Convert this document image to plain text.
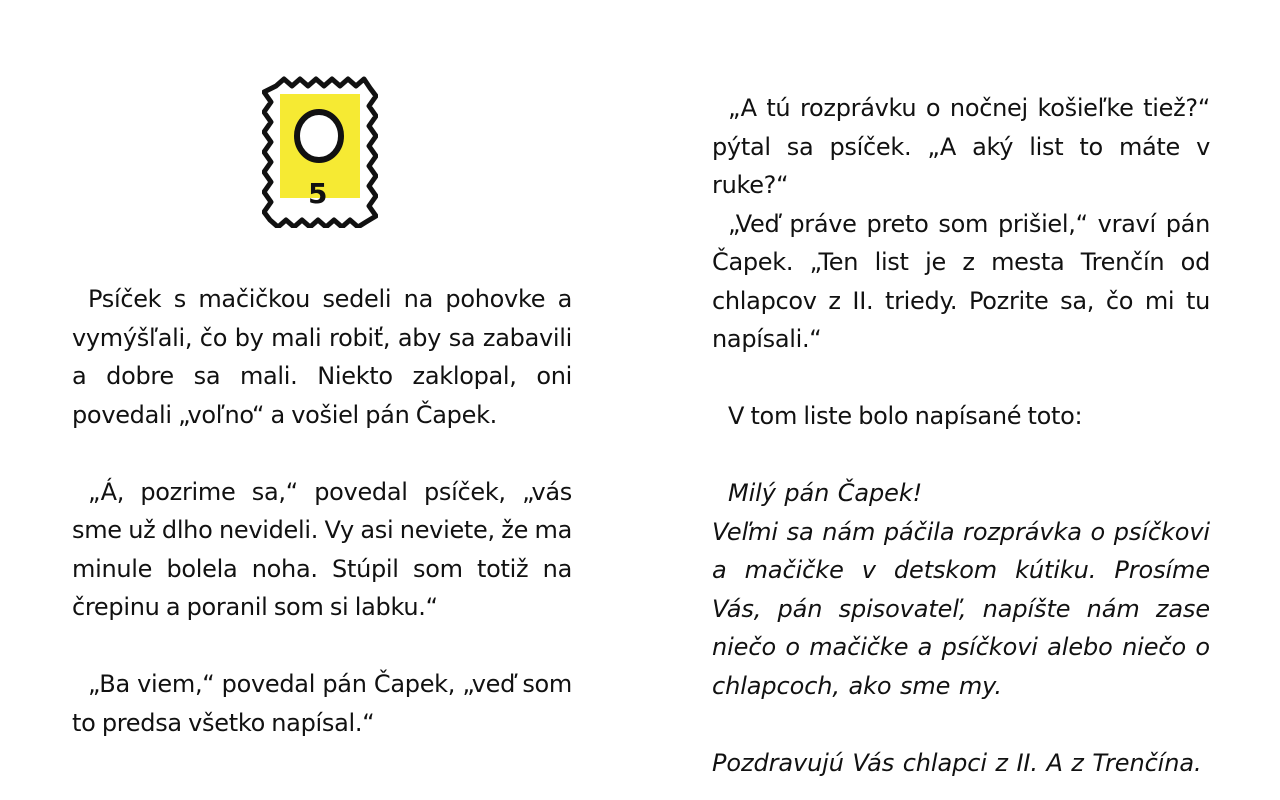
5

Psíček s mačičkou sedeli na pohovke a vymýšľali, čo by mali robiť, aby sa zabavili a dobre sa mali. Niekto zaklopal, oni povedali „voľno“ a vošiel pán Čapek.

„Á, pozrime sa,“ povedal psíček, „vás sme už dlho nevideli. Vy asi neviete, že ma minule bolela noha. Stúpil som totiž na črepinu a poranil som si labku.“

„Ba viem,“ povedal pán Čapek, „veď som to predsa všetko napísal.“

„A tú rozprávku o nočnej košieľke tiež?“ pýtal sa psíček. „A aký list to máte v ruke?“

„Veď práve preto som prišiel,“ vraví pán Čapek. „Ten list je z mesta Trenčín od chlapcov z II. triedy. Pozrite sa, čo mi tu napísali.“

V tom liste bolo napísané toto:

Milý pán Čapek!

Veľmi sa nám páčila rozprávka o psíčkovi a mačičke v detskom kútiku. Prosíme Vás, pán spisovateľ, napíšte nám zase niečo o mačičke a psíčkovi alebo niečo o chlapcoch, ako sme my.

Pozdravujú Vás chlapci z II. A z Trenčína.
